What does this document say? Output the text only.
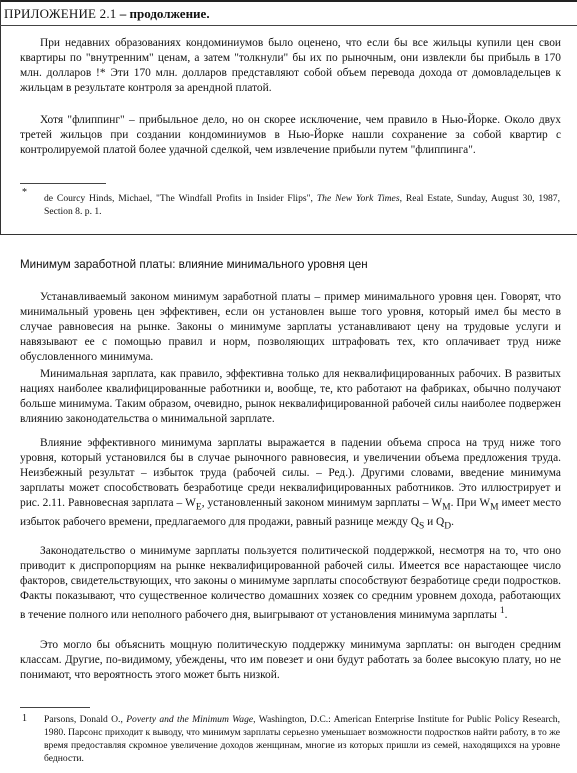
ПРИЛОЖЕНИЕ 2.1 – продолжение.

При недавних образованиях кондоминиумов было оценено, что если бы все жильцы купили цен свои квартиры по "внутренним" ценам, а затем "толкнули" бы их по рыночным, они извлекли бы прибыль в 170 млн. долларов !* Эти 170 млн. долларов представляют собой объем перевода дохода от домовладельцев к жильцам в результате контроля за арендной платой.

Хотя "флиппинг" – прибыльное дело, но он скорее исключение, чем правило в Нью-Йорке. Около двух третей жильцов при создании кондоминиумов в Нью-Йорке нашли сохранение за собой квартир с контролируемой платой более удачной сделкой, чем извлечение прибыли путем "флиппинга".

*

de Courcy Hinds, Michael, "The Windfall Profits in Insider Flips", The New York Times, Real Estate, Sunday, August 30, 1987, Section 8. p. 1.

Минимум заработной платы: влияние минимального уровня цен

Устанавливаемый законом минимум заработной платы – пример минимального уровня цен. Говорят, что минимальный уровень цен эффективен, если он установлен выше того уровня, который имел бы место в случае равновесия на рынке. Законы о минимуме зарплаты устанавливают цену на трудовые услуги и навязывают ее с помощью правил и норм, позволяющих штрафовать тех, кто оплачивает труд ниже обусловленного минимума.

Минимальная зарплата, как правило, эффективна только для неквалифицированных рабочих. В развитых нациях наиболее квалифицированные работники и, вообще, те, кто работают на фабриках, обычно получают больше минимума. Таким образом, очевидно, рынок неквалифицированной рабочей силы наиболее подвержен влиянию законодательства о минимальной зарплате.

Влияние эффективного минимума зарплаты выражается в падении объема спроса на труд ниже того уровня, который установился бы в случае рыночного равновесия, и увеличении объема предложения труда. Неизбежный результат – избыток труда (рабочей силы. – Ред.). Другими словами, введение минимума зарплаты может способствовать безработице среди неквалифицированных работников. Это иллюстрирует и рис. 2.11. Равновесная зарплата – $W_E$, установленный законом минимум зарплаты – $W_M$. При $W_M$ имеет место избыток рабочего времени, предлагаемого для продажи, равный разнице между $Q_S$ и $Q_D$.

Законодательство о минимуме зарплаты пользуется политической поддержкой, несмотря на то, что оно приводит к диспропорциям на рынке неквалифицированной рабочей силы. Имеется все нарастающее число факторов, свидетельствующих, что законы о минимуме зарплаты способствуют безработице среди подростков. Факты показывают, что существенное количество домашних хозяек со средним уровнем дохода, работающих в течение полного или неполного рабочего дня, выигрывают от установления минимума зарплаты $^1$.

Это могло бы объяснить мощную политическую поддержку минимума зарплаты: он выгоден средним классам. Другие, по-видимому, убеждены, что им повезет и они будут работать за более высокую плату, но не понимают, что вероятность этого может быть низкой.

1 Parsons, Donald O., Poverty and the Minimum Wage, Washington, D.C.: American Enterprise Institute for Public Policy Research, 1980. Парсонс приходит к выводу, что минимум зарплаты серьезно уменьшает возможности подростков найти работу, в то же время предоставляя скромное увеличение доходов женщинам, многие из которых пришли из семей, находящихся на уровне бедности.
